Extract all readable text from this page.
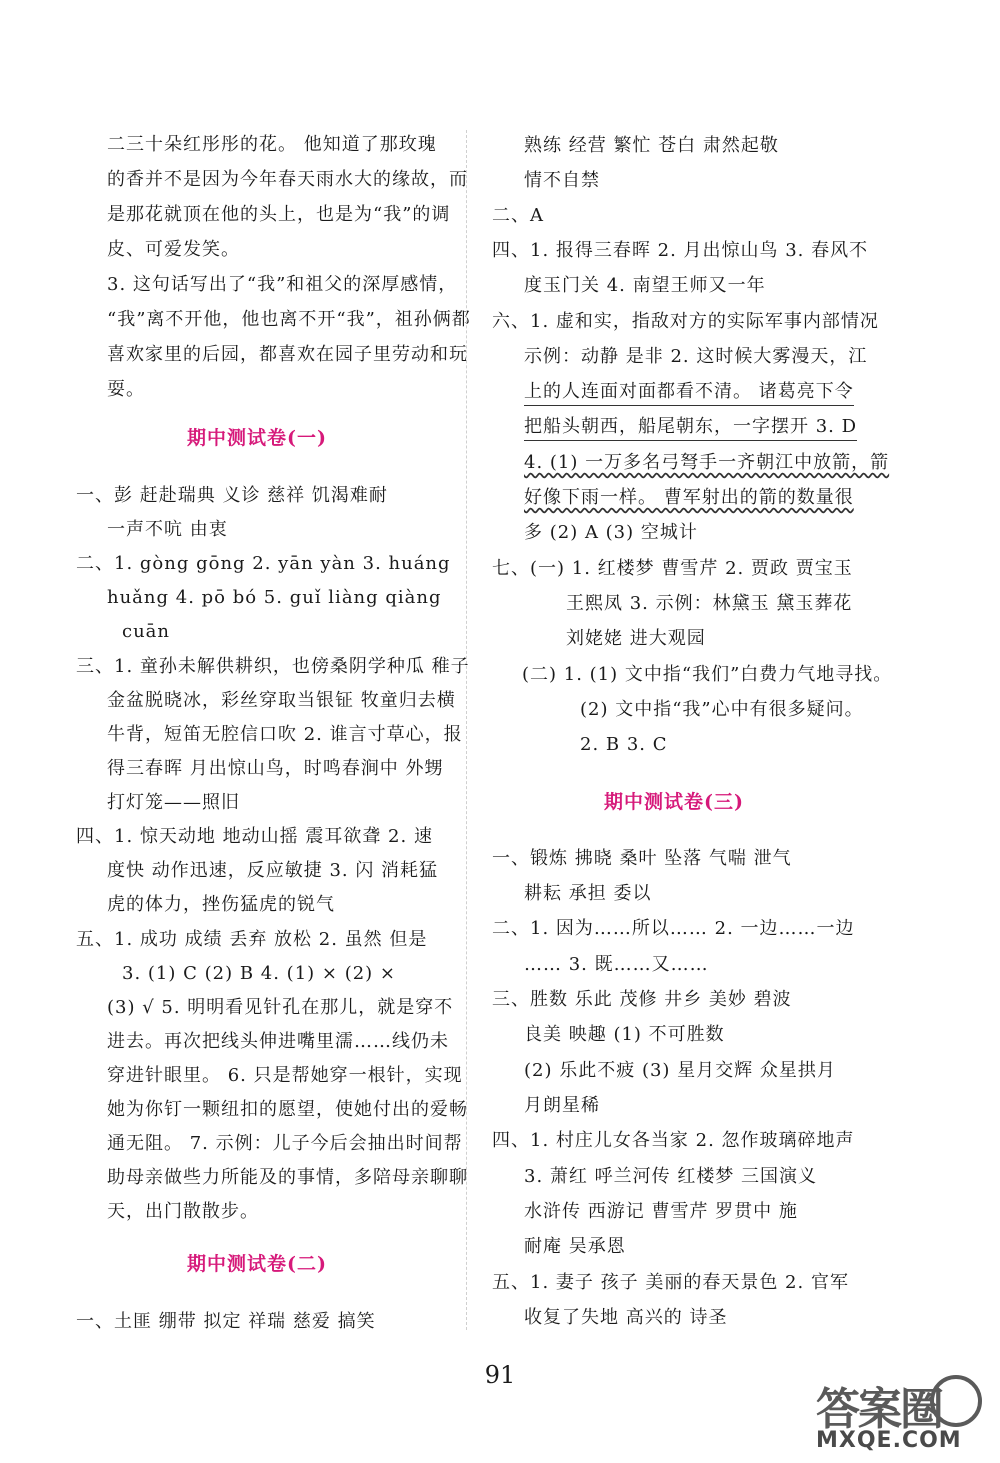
二三十朵红彤彤的花。 他知道了那玫瑰
的香并不是因为今年春天雨水大的缘故，而
是那花就顶在他的头上，也是为“我”的调
皮、可爱发笑。
3. 这句话写出了“我”和祖父的深厚感情，
“我”离不开他，他也离不开“我”，祖孙俩都
喜欢家里的后园，都喜欢在园子里劳动和玩
耍。
期中测试卷(一)
一、彭 赶赴瑞典 义诊 慈祥 饥渴难耐
一声不吭 由衷
二、1. gòng gōng 2. yān yàn 3. huáng
huǎng 4. pō bó 5. guǐ liàng qiàng
cuān
三、1. 童孙未解供耕织，也傍桑阴学种瓜 稚子
金盆脱晓冰，彩丝穿取当银钲 牧童归去横
牛背，短笛无腔信口吹 2. 谁言寸草心，报
得三春晖 月出惊山鸟，时鸣春涧中 外甥
打灯笼——照旧
四、1. 惊天动地 地动山摇 震耳欲聋 2. 速
度快 动作迅速，反应敏捷 3. 闪 消耗猛
虎的体力，挫伤猛虎的锐气
五、1. 成功 成绩 丢弃 放松 2. 虽然 但是
3. (1) C (2) B 4. (1) × (2) ×
(3) √ 5. 明明看见针孔在那儿，就是穿不
进去。再次把线头伸进嘴里濡……线仍未
穿进针眼里。 6. 只是帮她穿一根针，实现
她为你钉一颗纽扣的愿望，使她付出的爱畅
通无阻。 7. 示例：儿子今后会抽出时间帮
助母亲做些力所能及的事情，多陪母亲聊聊
天，出门散散步。
期中测试卷(二)
一、土匪 绷带 拟定 祥瑞 慈爱 搞笑
熟练 经营 繁忙 苍白 肃然起敬
情不自禁
二、A
四、1. 报得三春晖 2. 月出惊山鸟 3. 春风不
度玉门关 4. 南望王师又一年
六、1. 虚和实，指敌对方的实际军事内部情况
示例：动静 是非 2. 这时候大雾漫天，江
上的人连面对面都看不清。 诸葛亮下令
把船头朝西，船尾朝东，一字摆开 3. D
4. (1) 一万多名弓弩手一齐朝江中放箭，箭
好像下雨一样。 曹军射出的箭的数量很
多 (2) A (3) 空城计
七、(一) 1. 红楼梦 曹雪芹 2. 贾政 贾宝玉
王熙凤 3. 示例：林黛玉 黛玉葬花
刘姥姥 进大观园
(二) 1. (1) 文中指“我们”白费力气地寻找。
(2) 文中指“我”心中有很多疑问。
2. B 3. C
期中测试卷(三)
一、锻炼 拂晓 桑叶 坠落 气喘 泄气
耕耘 承担 委以
二、1. 因为……所以…… 2. 一边……一边
…… 3. 既……又……
三、胜数 乐此 茂修 井乡 美妙 碧波
良美 映趣 (1) 不可胜数
(2) 乐此不疲 (3) 星月交辉 众星拱月
月朗星稀
四、1. 村庄儿女各当家 2. 忽作玻璃碎地声
3. 萧红 呼兰河传 红楼梦 三国演义
水浒传 西游记 曹雪芹 罗贯中 施
耐庵 吴承恩
五、1. 妻子 孩子 美丽的春天景色 2. 官军
收复了失地 高兴的 诗圣
91
答案圈
MXQE.COM
